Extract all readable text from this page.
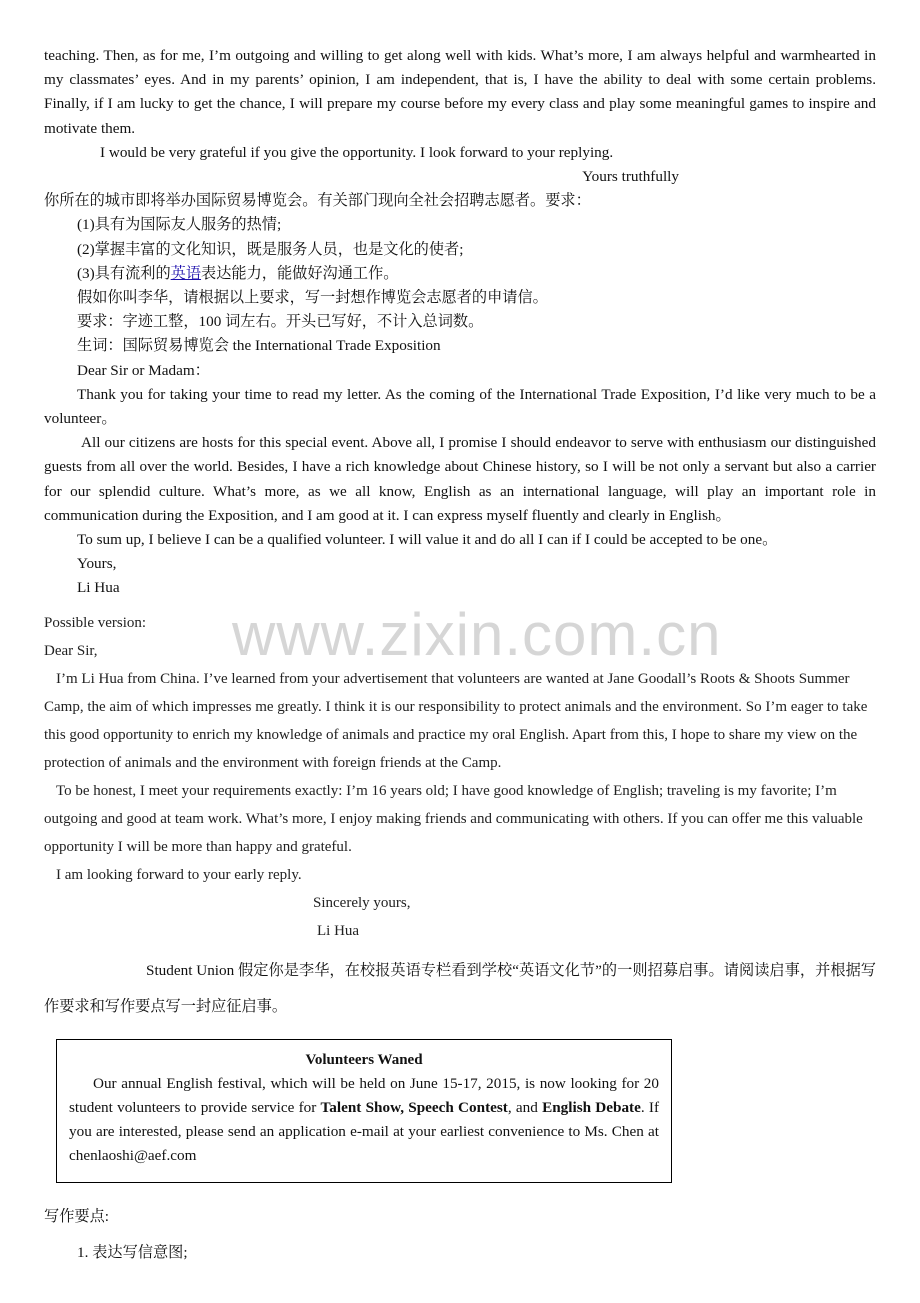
www.zixin.com.cn

teaching. Then, as for me, I’m outgoing and willing to get along well with kids. What’s more, I am always helpful and warmhearted in my classmates’ eyes. And in my parents’ opinion, I am independent, that is, I have the ability to deal with some certain problems. Finally, if I am lucky to get the chance, I will prepare my course before my every class and play some meaningful games to inspire and motivate them.

I would be very grateful if you give the opportunity. I look forward to your replying.

Yours truthfully

你所在的城市即将举办国际贸易博览会。有关部门现向全社会招聘志愿者。要求：

(1)具有为国际友人服务的热情;

(2)掌握丰富的文化知识，既是服务人员，也是文化的使者;

(3)具有流利的英语表达能力，能做好沟通工作。

假如你叫李华，请根据以上要求，写一封想作博览会志愿者的申请信。

要求：字迹工整，100 词左右。开头已写好，不计入总词数。

生词：国际贸易博览会 the International Trade Exposition

Dear Sir or Madam：

Thank you for taking your time to read my letter. As the coming of the International Trade Exposition, I’d like very much to be a volunteer。

All our citizens are hosts for this special event. Above all, I promise I should endeavor to serve with enthusiasm our distinguished guests from all over the world. Besides, I have a rich knowledge about Chinese history, so I will be not only a servant but also a carrier for our splendid culture. What’s more, as we all know, English as an international language, will play an important role in communication during the Exposition, and I am good at it. I can express myself fluently and clearly in English。

To sum up, I believe I can be a qualified volunteer. I will value it and do all I can if I could be accepted to be one。

Yours,

Li Hua

Possible version:

Dear Sir,

I’m Li Hua from China. I’ve learned from your advertisement that volunteers are wanted at Jane Goodall’s Roots & Shoots Summer Camp, the aim of which impresses me greatly. I think it is our responsibility to protect animals and the environment. So I’m eager to take this good opportunity to enrich my knowledge of animals and practice my oral English. Apart from this, I hope to share my view on the protection of animals and the environment with foreign friends at the Camp.

To be honest, I meet your requirements exactly: I’m 16 years old; I have good knowledge of English; traveling is my favorite; I’m outgoing and good at team work. What’s more, I enjoy making friends and communicating with others. If you can offer me this valuable opportunity I will be more than happy and grateful.

I am looking forward to your early reply.

Sincerely yours,

Li Hua

Student Union 假定你是李华，在校报英语专栏看到学校“英语文化节”的一则招募启事。请阅读启事，并根据写作要求和写作要点写一封应征启事。

Volunteers Waned

Our annual English festival, which will be held on June 15-17, 2015, is now looking for 20 student volunteers to provide service for Talent Show, Speech Contest, and English Debate. If you are interested, please send an application e-mail at your earliest convenience to Ms. Chen at chenlaoshi@aef.com

写作要点:

1. 表达写信意图;
